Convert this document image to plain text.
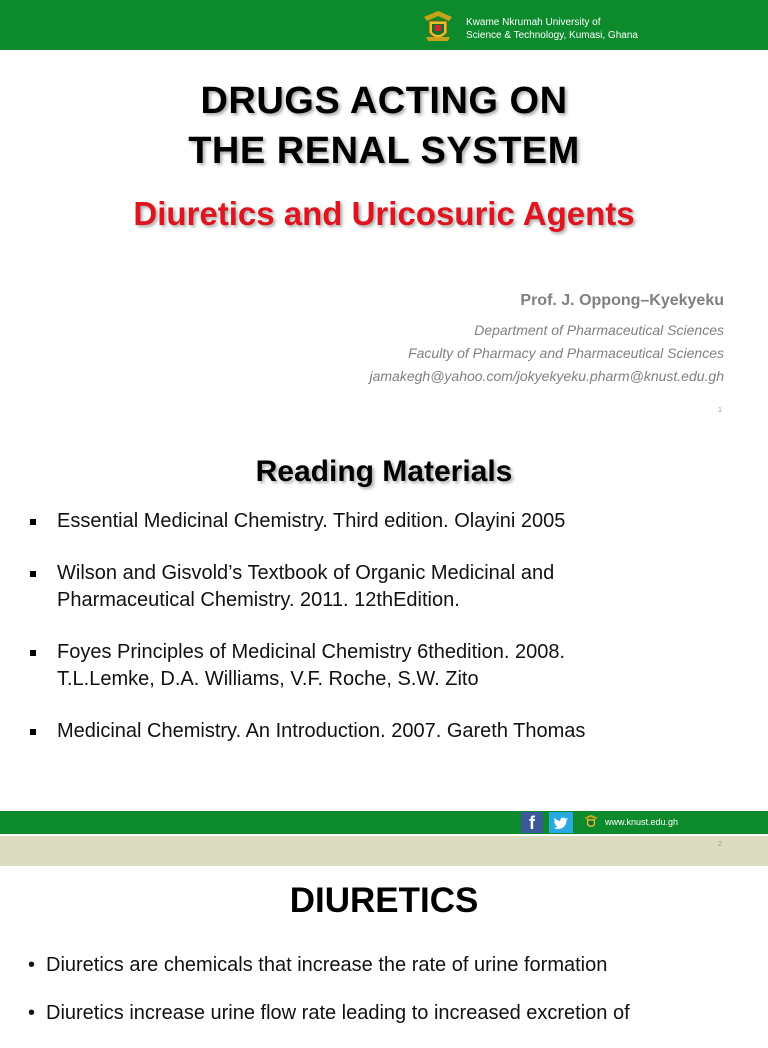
Kwame Nkrumah University of
Science & Technology, Kumasi, Ghana
DRUGS ACTING ON
THE RENAL SYSTEM
Diuretics and Uricosuric Agents
Prof. J. Oppong–Kyekyeku
Department of Pharmaceutical Sciences
Faculty of Pharmacy and Pharmaceutical Sciences
jamakegh@yahoo.com/jokyekyeku.pharm@knust.edu.gh
1
Reading Materials
Essential Medicinal Chemistry. Third edition. Olayini 2005
Wilson and Gisvold’s Textbook of Organic Medicinal and
Pharmaceutical Chemistry. 2011. 12thEdition.
Foyes Principles of Medicinal Chemistry 6thedition. 2008.
T.L.Lemke, D.A. Williams, V.F. Roche, S.W. Zito
Medicinal Chemistry. An Introduction. 2007. Gareth Thomas
f	www.knust.edu.gh
2
DIURETICS
• Diuretics are chemicals that increase the rate of urine formation
• Diuretics increase urine flow rate leading to increased excretion of
